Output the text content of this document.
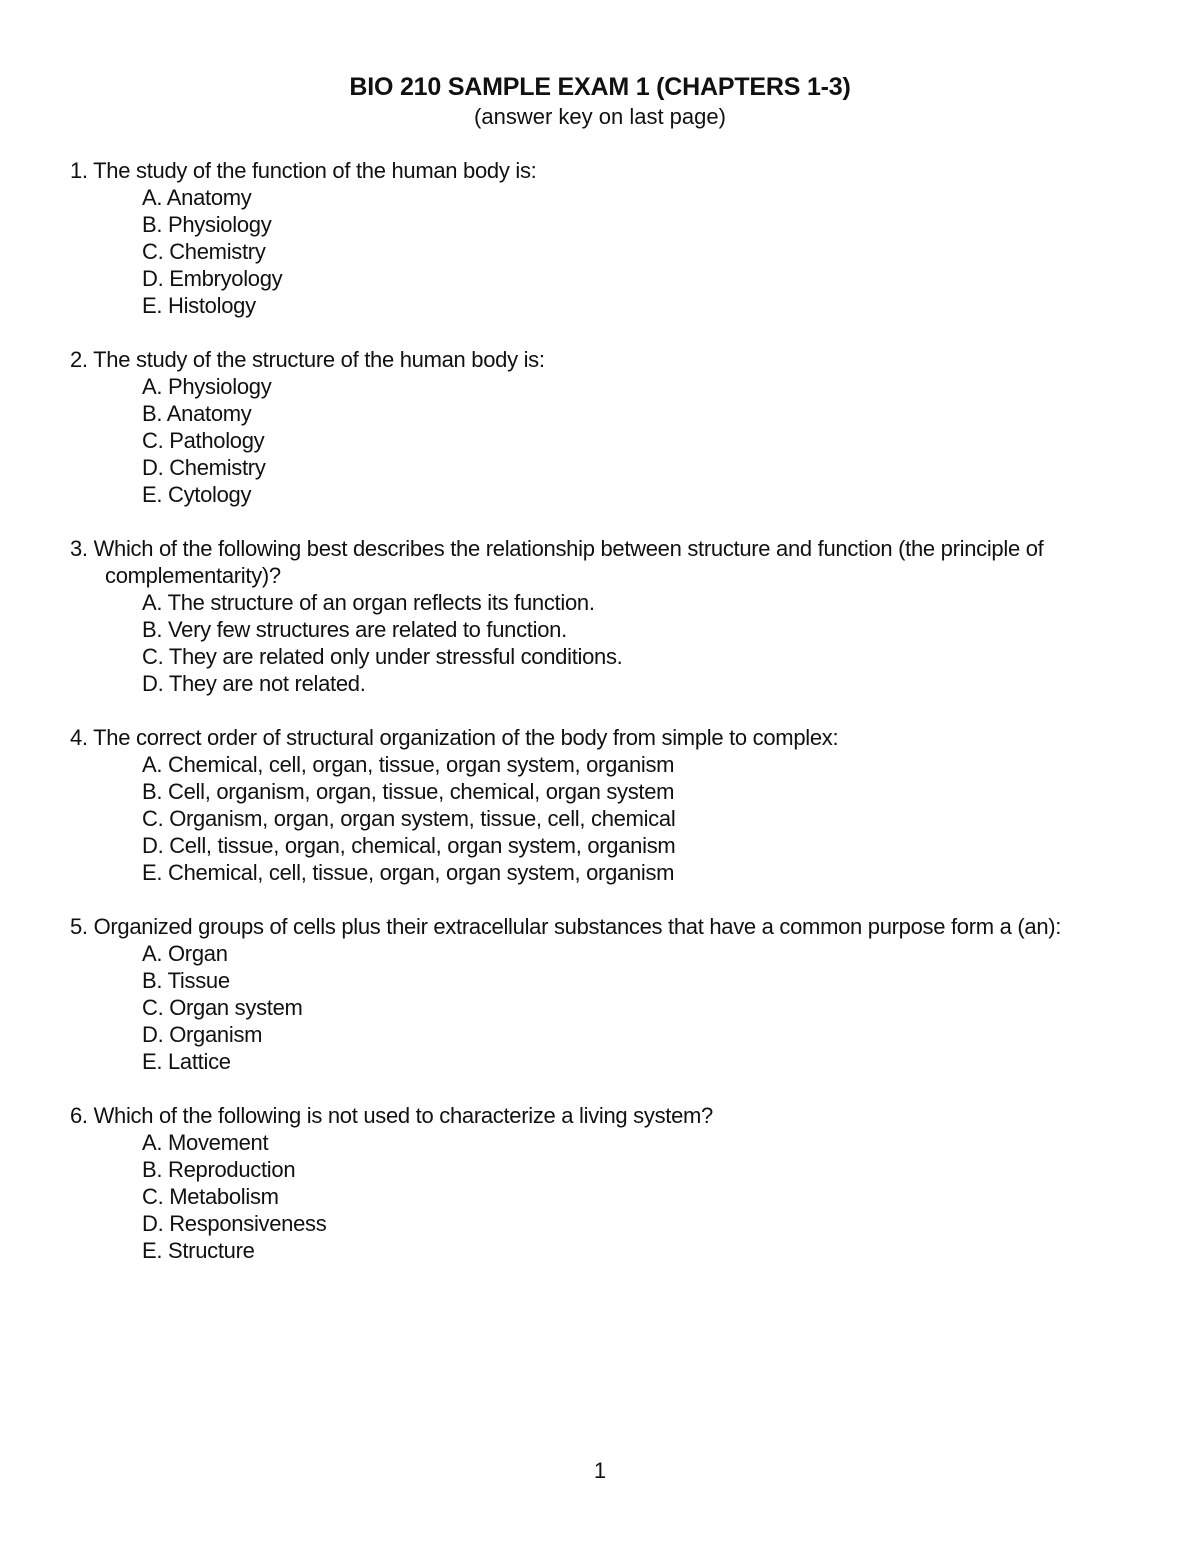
BIO 210 SAMPLE EXAM 1 (CHAPTERS 1-3)
(answer key on last page)
1. The study of the function of the human body is:
A. Anatomy
B. Physiology
C. Chemistry
D. Embryology
E. Histology
2. The study of the structure of the human body is:
A. Physiology
B. Anatomy
C. Pathology
D. Chemistry
E. Cytology
3. Which of the following best describes the relationship between structure and function (the principle of complementarity)?
A. The structure of an organ reflects its function.
B. Very few structures are related to function.
C. They are related only under stressful conditions.
D. They are not related.
4. The correct order of structural organization of the body from simple to complex:
A. Chemical, cell, organ, tissue, organ system, organism
B. Cell, organism, organ, tissue, chemical, organ system
C. Organism, organ, organ system, tissue, cell, chemical
D. Cell, tissue, organ, chemical, organ system, organism
E. Chemical, cell, tissue, organ, organ system, organism
5. Organized groups of cells plus their extracellular substances that have a common purpose form a (an):
A. Organ
B. Tissue
C. Organ system
D. Organism
E. Lattice
6. Which of the following is not used to characterize a living system?
A. Movement
B. Reproduction
C. Metabolism
D. Responsiveness
E. Structure
1
